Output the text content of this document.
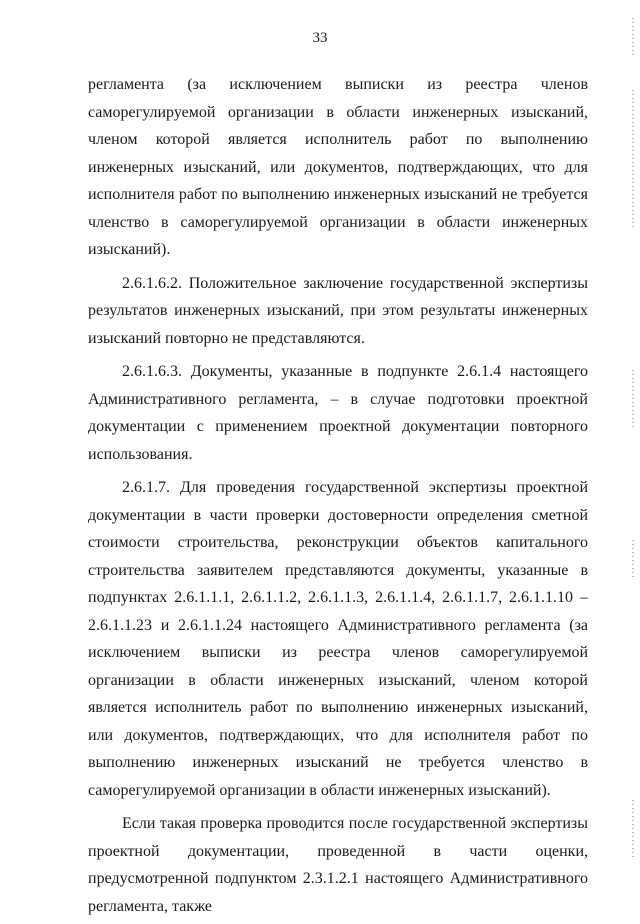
33

регламента (за исключением выписки из реестра членов саморегулируемой организации в области инженерных изысканий, членом которой является исполнитель работ по выполнению инженерных изысканий, или документов, подтверждающих, что для исполнителя работ по выполнению инженерных изысканий не требуется членство в саморегулируемой организации в области инженерных изысканий).

2.6.1.6.2. Положительное заключение государственной экспертизы результатов инженерных изысканий, при этом результаты инженерных изысканий повторно не представляются.

2.6.1.6.3. Документы, указанные в подпункте 2.6.1.4 настоящего Административного регламента, – в случае подготовки проектной документации с применением проектной документации повторного использования.

2.6.1.7. Для проведения государственной экспертизы проектной документации в части проверки достоверности определения сметной стоимости строительства, реконструкции объектов капитального строительства заявителем представляются документы, указанные в подпунктах 2.6.1.1.1, 2.6.1.1.2, 2.6.1.1.3, 2.6.1.1.4, 2.6.1.1.7, 2.6.1.1.10 – 2.6.1.1.23 и 2.6.1.1.24 настоящего Административного регламента (за исключением выписки из реестра членов саморегулируемой организации в области инженерных изысканий, членом которой является исполнитель работ по выполнению инженерных изысканий, или документов, подтверждающих, что для исполнителя работ по выполнению инженерных изысканий не требуется членство в саморегулируемой организации в области инженерных изысканий).

Если такая проверка проводится после государственной экспертизы проектной документации, проведенной в части оценки, предусмотренной подпунктом 2.3.1.2.1 настоящего Административного регламента, также
